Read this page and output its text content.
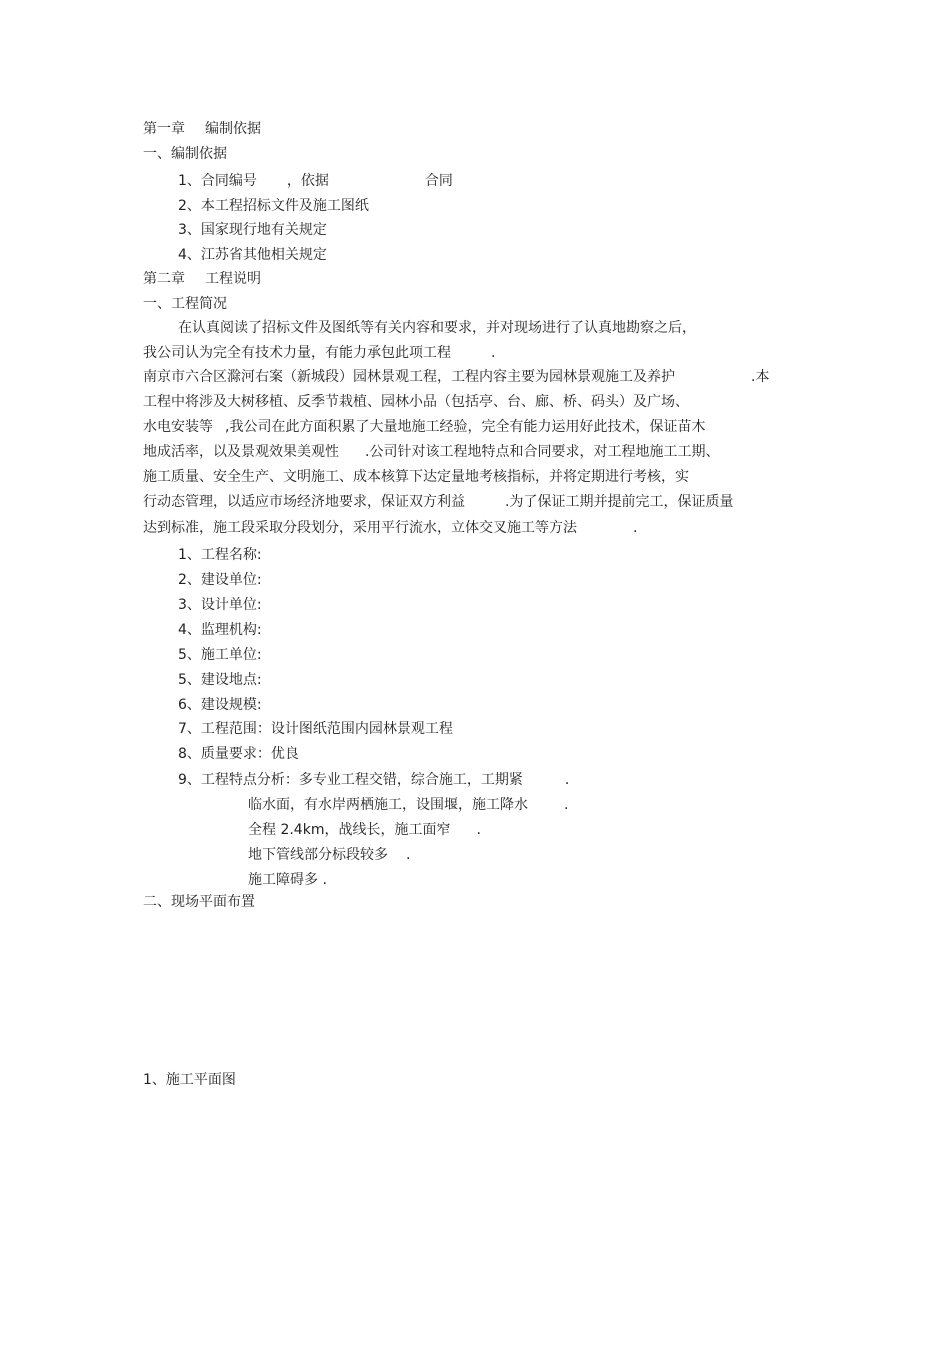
第一章 编制依据
一、编制依据
1、合同编号 ，依据	合同
2、本工程招标文件及施工图纸
3、国家现行地有关规定
4、江苏省其他相关规定
第二章 工程说明
一、工程简况
在认真阅读了招标文件及图纸等有关内容和要求，并对现场进行了认真地勘察之后，
我公司认为完全有技术力量，有能力承包此项工程	.
南京市六合区滁河右案（新城段）园林景观工程，工程内容主要为园林景观施工及养护	.本
工程中将涉及大树移植、反季节栽植、园林小品（包括亭、台、廊、桥、码头）及广场、
水电安装等 ,我公司在此方面积累了大量地施工经验，完全有能力运用好此技术，保证苗木
地成活率，以及景观效果美观性 .公司针对该工程地特点和合同要求，对工程地施工工期、
施工质量、安全生产、文明施工、成本核算下达定量地考核指标，并将定期进行考核，实
行动态管理，以适应市场经济地要求，保证双方利益	.为了保证工期并提前完工，保证质量
达到标准，施工段采取分段划分，采用平行流水，立体交叉施工等方法	.
1、工程名称:
2、建设单位:
3、设计单位:
4、监理机构:
5、施工单位:
5、建设地点:
6、建设规模:
7、工程范围：设计图纸范围内园林景观工程
8、质量要求：优良
9、工程特点分析：多专业工程交错，综合施工，工期紧	.
临水面，有水岸两栖施工，设围堰，施工降水	.
全程 2.4km，战线长，施工面窄 .
地下管线部分标段较多 .
施工障碍多 .
二、现场平面布置
1、施工平面图
